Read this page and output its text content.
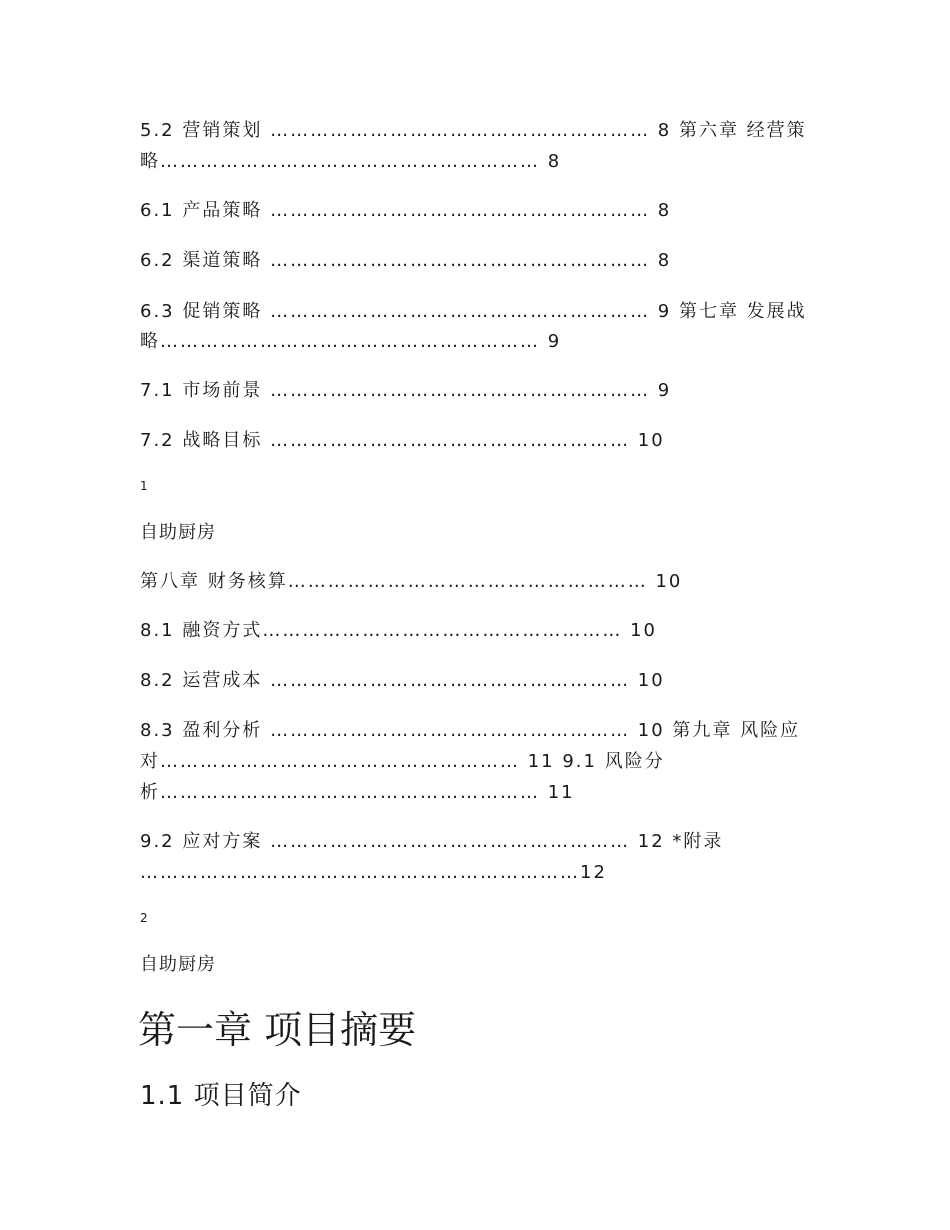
5.2 营销策划 ………………………………………………… 8 第六章 经营策
略………………………………………………… 8
6.1 产品策略 ………………………………………………… 8
6.2 渠道策略 ………………………………………………… 8
6.3 促销策略 ………………………………………………… 9 第七章 发展战
略………………………………………………… 9
7.1 市场前景 ………………………………………………… 9
7.2 战略目标 ……………………………………………… 10
1
自助厨房
第八章 财务核算……………………………………………… 10
8.1 融资方式……………………………………………… 10
8.2 运营成本 ……………………………………………… 10
8.3 盈利分析 ……………………………………………… 10 第九章 风险应
对……………………………………………… 11 9.1 风险分
析………………………………………………… 11
9.2 应对方案 ……………………………………………… 12 *附录
…………………………………………………………12
2
自助厨房
第一章 项目摘要
1.1 项目简介
